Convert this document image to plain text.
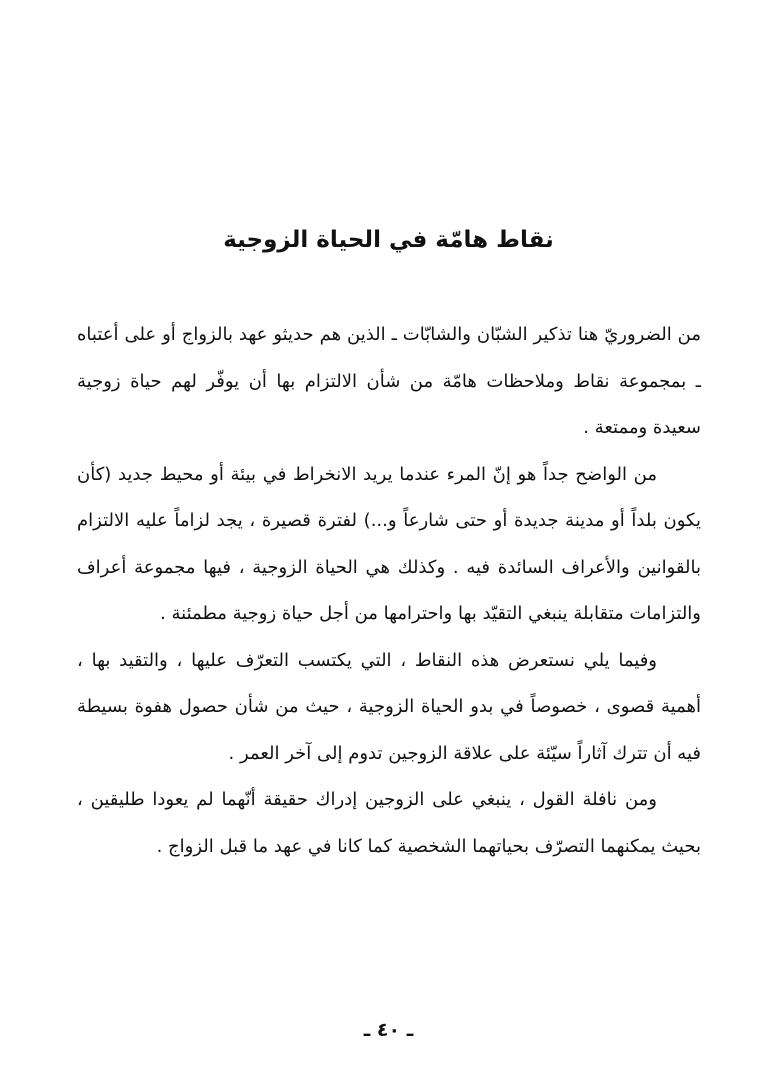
نقاط هامّة في الحياة الزوجية

من الضروريّ هنا تذكير الشبّان والشابّات ـ الذين هم حديثو عهد بالزواج أو على أعتباه ـ بمجموعة نقاط وملاحظات هامّة من شأن الالتزام بها أن يوفّر لهم حياة زوجية سعيدة وممتعة .

من الواضح جداً هو إنّ المرء عندما يريد الانخراط في بيئة أو محيط جديد (كأن يكون بلداً أو مدينة جديدة أو حتى شارعاً و...) لفترة قصيرة ، يجد لزاماً عليه الالتزام بالقوانين والأعراف السائدة فيه . وكذلك هي الحياة الزوجية ، فيها مجموعة أعراف والتزامات متقابلة ينبغي التقيّد بها واحترامها من أجل حياة زوجية مطمئنة .

وفيما يلي نستعرض هذه النقاط ، التي يكتسب التعرّف عليها ، والتقيد بها ، أهمية قصوى ، خصوصاً في بدو الحياة الزوجية ، حيث من شأن حصول هفوة بسيطة فيه أن تترك آثاراً سيّئة على علاقة الزوجين تدوم إلى آخر العمر .

ومن نافلة القول ، ينبغي على الزوجين إدراك حقيقة أنّهما لم يعودا طليقين ، بحيث يمكنهما التصرّف بحياتهما الشخصية كما كانا في عهد ما قبل الزواج .

ـ ٤٠ ـ
